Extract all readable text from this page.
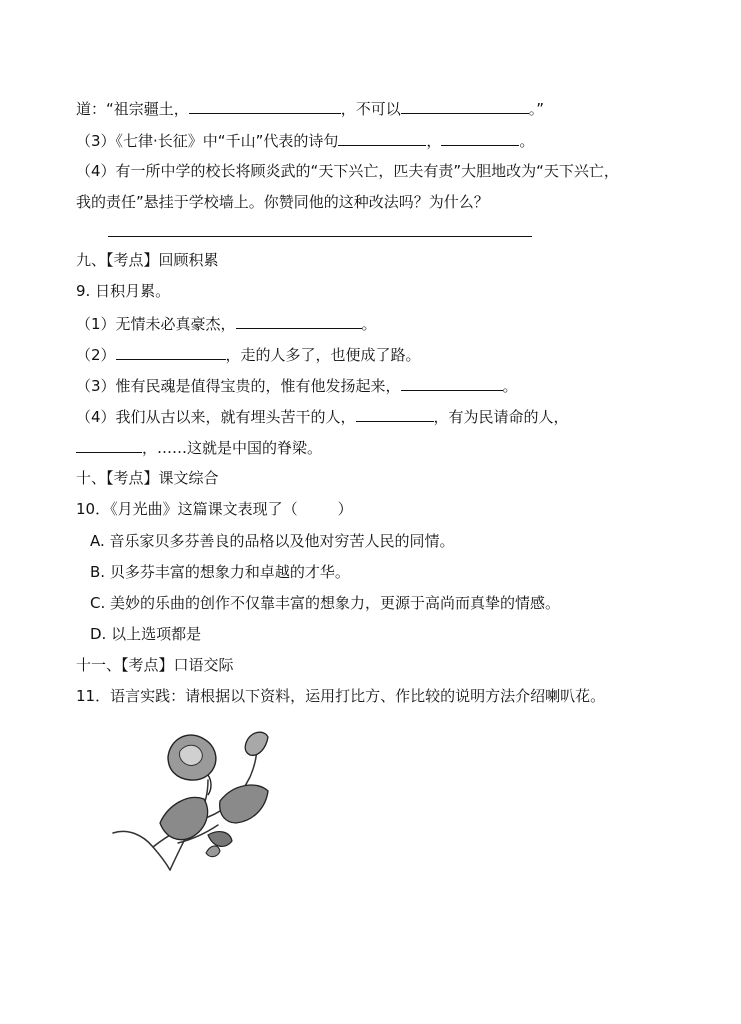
道：“祖宗疆土，	，不可以	。”
（3）《七律·长征》中“千山”代表的诗句	，	。
（4）有一所中学的校长将顾炎武的“天下兴亡，匹夫有责”大胆地改为“天下兴亡，
我的责任”悬挂于学校墙上。你赞同他的这种改法吗？为什么？
九、【考点】回顾积累
9. 日积月累。
（1）无情未必真豪杰，	。
（2）	，走的人多了，也便成了路。
（3）惟有民魂是值得宝贵的，惟有他发扬起来，	。
（4）我们从古以来，就有埋头苦干的人，	，有为民请命的人，
，……这就是中国的脊梁。
十、【考点】课文综合
10．《月光曲》这篇课文表现了（	）
A. 音乐家贝多芬善良的品格以及他对穷苦人民的同情。
B. 贝多芬丰富的想象力和卓越的才华。
C. 美妙的乐曲的创作不仅靠丰富的想象力，更源于高尚而真挚的情感。
D. 以上选项都是
十一、【考点】口语交际
11．语言实践：请根据以下资料，运用打比方、作比较的说明方法介绍喇叭花。
